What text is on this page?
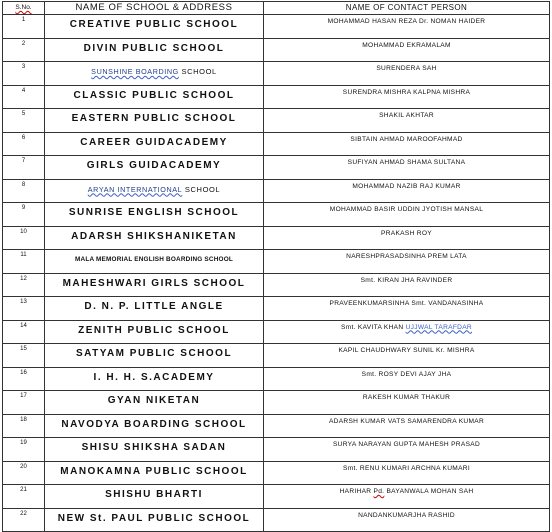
S.No.	NAME OF SCHOOL & ADDRESS	NAME OF CONTACT PERSON
1	CREATIVE PUBLIC SCHOOL	MOHAMMAD HASAN REZA Dr. NOMAN HAIDER
2	DIVIN PUBLIC SCHOOL	MOHAMMAD EKRAMALAM
3	SUNSHINE BOARDING SCHOOL	SURENDERA SAH
4	CLASSIC PUBLIC SCHOOL	SURENDRA MISHRA KALPNA MISHRA
5	EASTERN PUBLIC SCHOOL	SHAKIL AKHTAR
6	CAREER GUIDACADEMY	SIBTAIN AHMAD MAROOFAHMAD
7	GIRLS GUIDACADEMY	SUFIYAN AHMAD SHAMA SULTANA
8	ARYAN INTERNATIONAL SCHOOL	MOHAMMAD NAZIB RAJ KUMAR
9	SUNRISE ENGLISH SCHOOL	MOHAMMAD BASIR UDDIN JYOTISH MANSAL
10	ADARSH SHIKSHANIKETAN	PRAKASH ROY
11	MALA MEMORIAL ENGLISH BOARDING SCHOOL	NARESHPRASADSINHA PREM LATA
12	MAHESHWARI GIRLS SCHOOL	Smt. KIRAN JHA RAVINDER
13	D. N. P. LITTLE ANGLE	PRAVEENKUMARSINHA Smt. VANDANASINHA
14	ZENITH PUBLIC SCHOOL	Smt. KAVITA KHAN UJJWAL TARAFDAR
15	SATYAM PUBLIC SCHOOL	KAPIL CHAUDHWARY SUNIL Kr. MISHRA
16	I. H. H. S.ACADEMY	Smt. ROSY DEVI AJAY JHA
17	GYAN NIKETAN	RAKESH KUMAR THAKUR
18	NAVODYA BOARDING SCHOOL	ADARSH KUMAR VATS SAMARENDRA KUMAR
19	SHISU SHIKSHA SADAN	SURYA NARAYAN GUPTA MAHESH PRASAD
20	MANOKAMNA PUBLIC SCHOOL	Smt. RENU KUMARI ARCHNA KUMARI
21	SHISHU BHARTI	HARIHAR Pd. BAYANWALA MOHAN SAH
22	NEW St. PAUL PUBLIC SCHOOL	NANDANKUMARJHA RASHID
